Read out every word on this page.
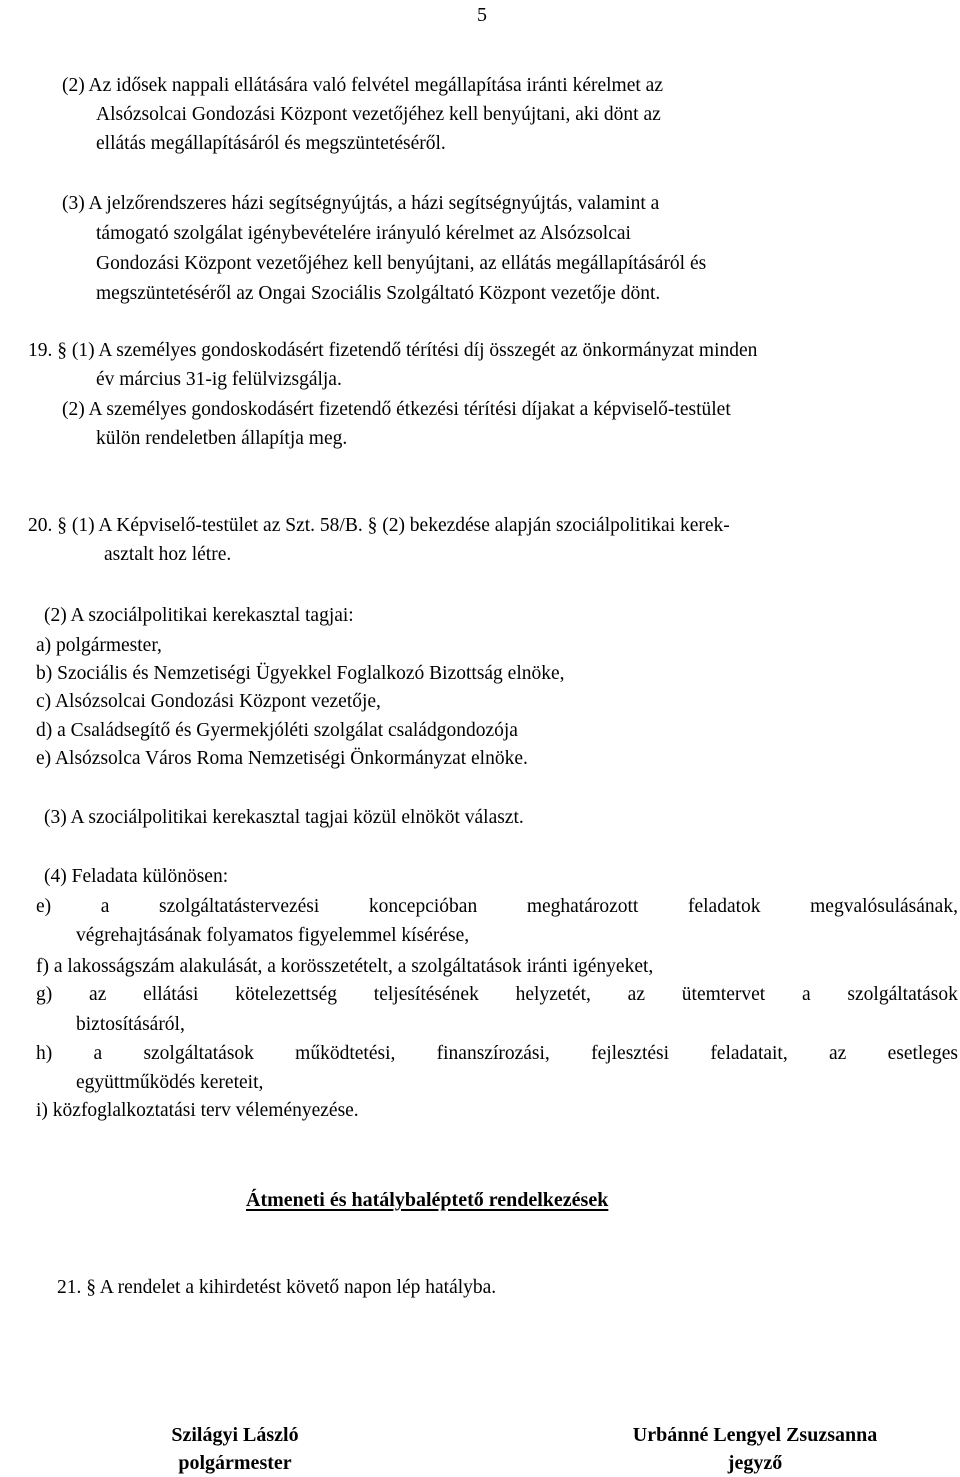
5
(2) Az idősek nappali ellátására való felvétel megállapítása iránti kérelmet az
Alsózsolcai Gondozási Központ vezetőjéhez kell benyújtani, aki dönt az
ellátás megállapításáról és megszüntetéséről.
(3) A jelzőrendszeres házi segítségnyújtás, a házi segítségnyújtás, valamint a
támogató szolgálat igénybevételére irányuló kérelmet az Alsózsolcai
Gondozási Központ vezetőjéhez kell benyújtani, az ellátás megállapításáról és
megszüntetéséről az Ongai Szociális Szolgáltató Központ vezetője dönt.
19. § (1) A személyes gondoskodásért fizetendő térítési díj összegét az önkormányzat minden
év március 31-ig felülvizsgálja.
(2) A személyes gondoskodásért fizetendő étkezési térítési díjakat a képviselő-testület
külön rendeletben állapítja meg.
20. § (1) A Képviselő-testület az Szt. 58/B. § (2) bekezdése alapján szociálpolitikai kerek-
asztalt hoz létre.
(2) A szociálpolitikai kerekasztal tagjai:
a) polgármester,
b) Szociális és Nemzetiségi Ügyekkel Foglalkozó Bizottság elnöke,
c) Alsózsolcai Gondozási Központ vezetője,
d) a Családsegítő és Gyermekjóléti szolgálat családgondozója
e) Alsózsolca Város Roma Nemzetiségi Önkormányzat elnöke.
(3) A szociálpolitikai kerekasztal tagjai közül elnököt választ.
(4) Feladata különösen:
e)	a	szolgáltatástervezési	koncepcióban	meghatározott	feladatok	megvalósulásának,
végrehajtásának folyamatos figyelemmel kísérése,
f) a lakosságszám alakulását, a korösszetételt, a szolgáltatások iránti igényeket,
g) az ellátási kötelezettség teljesítésének helyzetét, az ütemtervet a szolgáltatások
biztosításáról,
h) a szolgáltatások működtetési, finanszírozási, fejlesztési feladatait, az esetleges
együttműködés kereteit,
i) közfoglalkoztatási terv véleményezése.
Átmeneti és hatálybaléptető rendelkezések
21. § A rendelet a kihirdetést követő napon lép hatályba.
Szilágyi László
polgármester
Urbánné Lengyel Zsuzsanna
jegyző
